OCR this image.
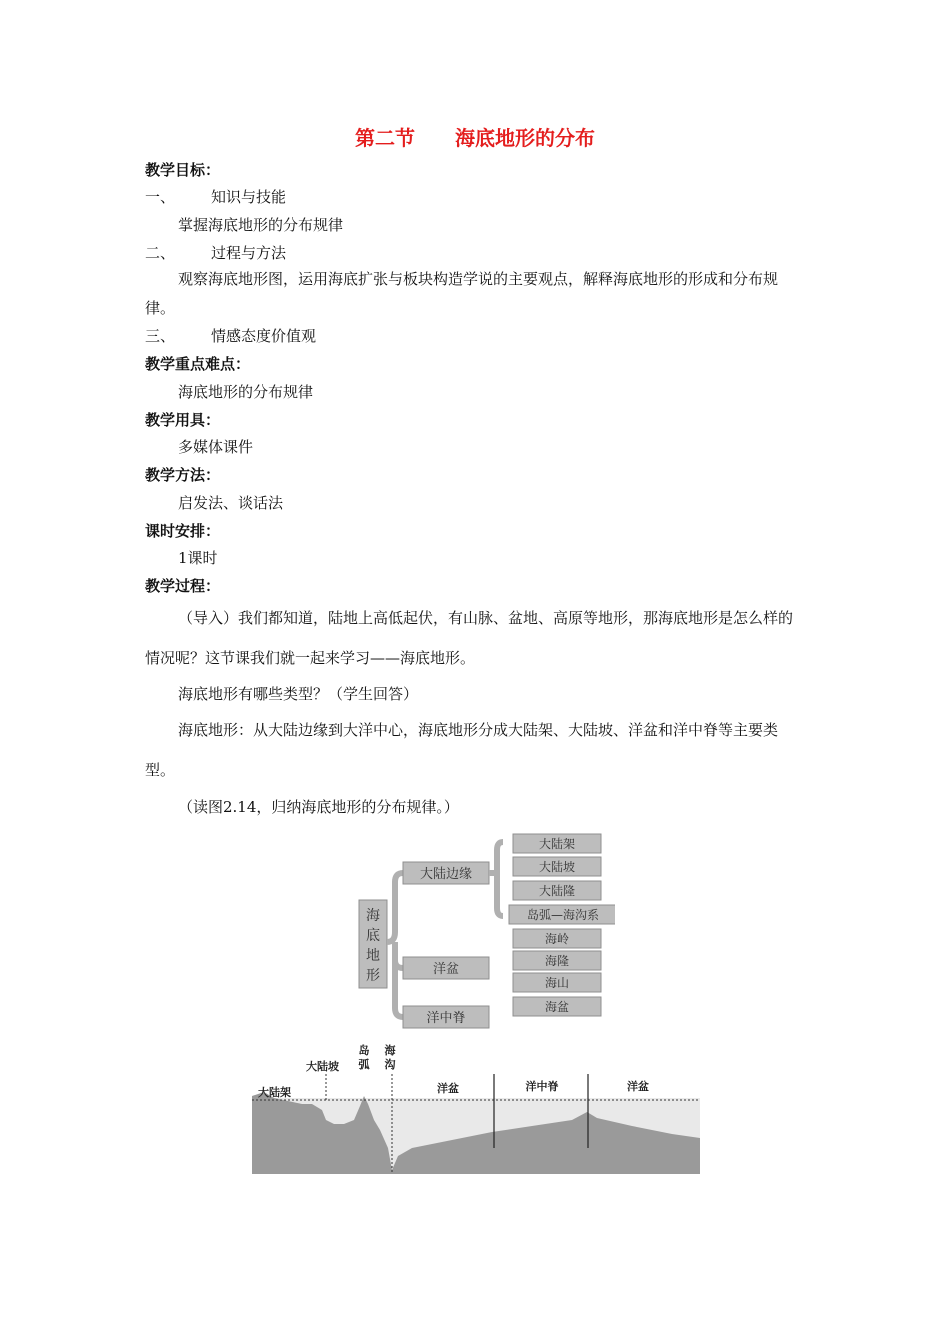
第二节 海底地形的分布
教学目标：
一、 知识与技能
掌握海底地形的分布规律
二、 过程与方法
观察海底地形图，运用海底扩张与板块构造学说的主要观点，解释海底地形的形成和分布规律。
三、 情感态度价值观
教学重点难点：
海底地形的分布规律
教学用具：
多媒体课件
教学方法：
启发法、谈话法
课时安排：
1课时
教学过程：
（导入）我们都知道，陆地上高低起伏，有山脉、盆地、高原等地形，那海底地形是怎么样的情况呢？这节课我们就一起来学习——海底地形。
海底地形有哪些类型？（学生回答）
海底地形：从大陆边缘到大洋中心，海底地形分成大陆架、大陆坡、洋盆和洋中脊等主要类型。
（读图2.14，归纳海底地形的分布规律。）
海
底
地
形
大陆边缘
洋盆
洋中脊
大陆架
大陆坡
大陆隆
岛弧—海沟系
海岭
海隆
海山
海盆
大陆架
大陆坡
岛
弧
海
沟
洋盆	洋中脊	洋盆
